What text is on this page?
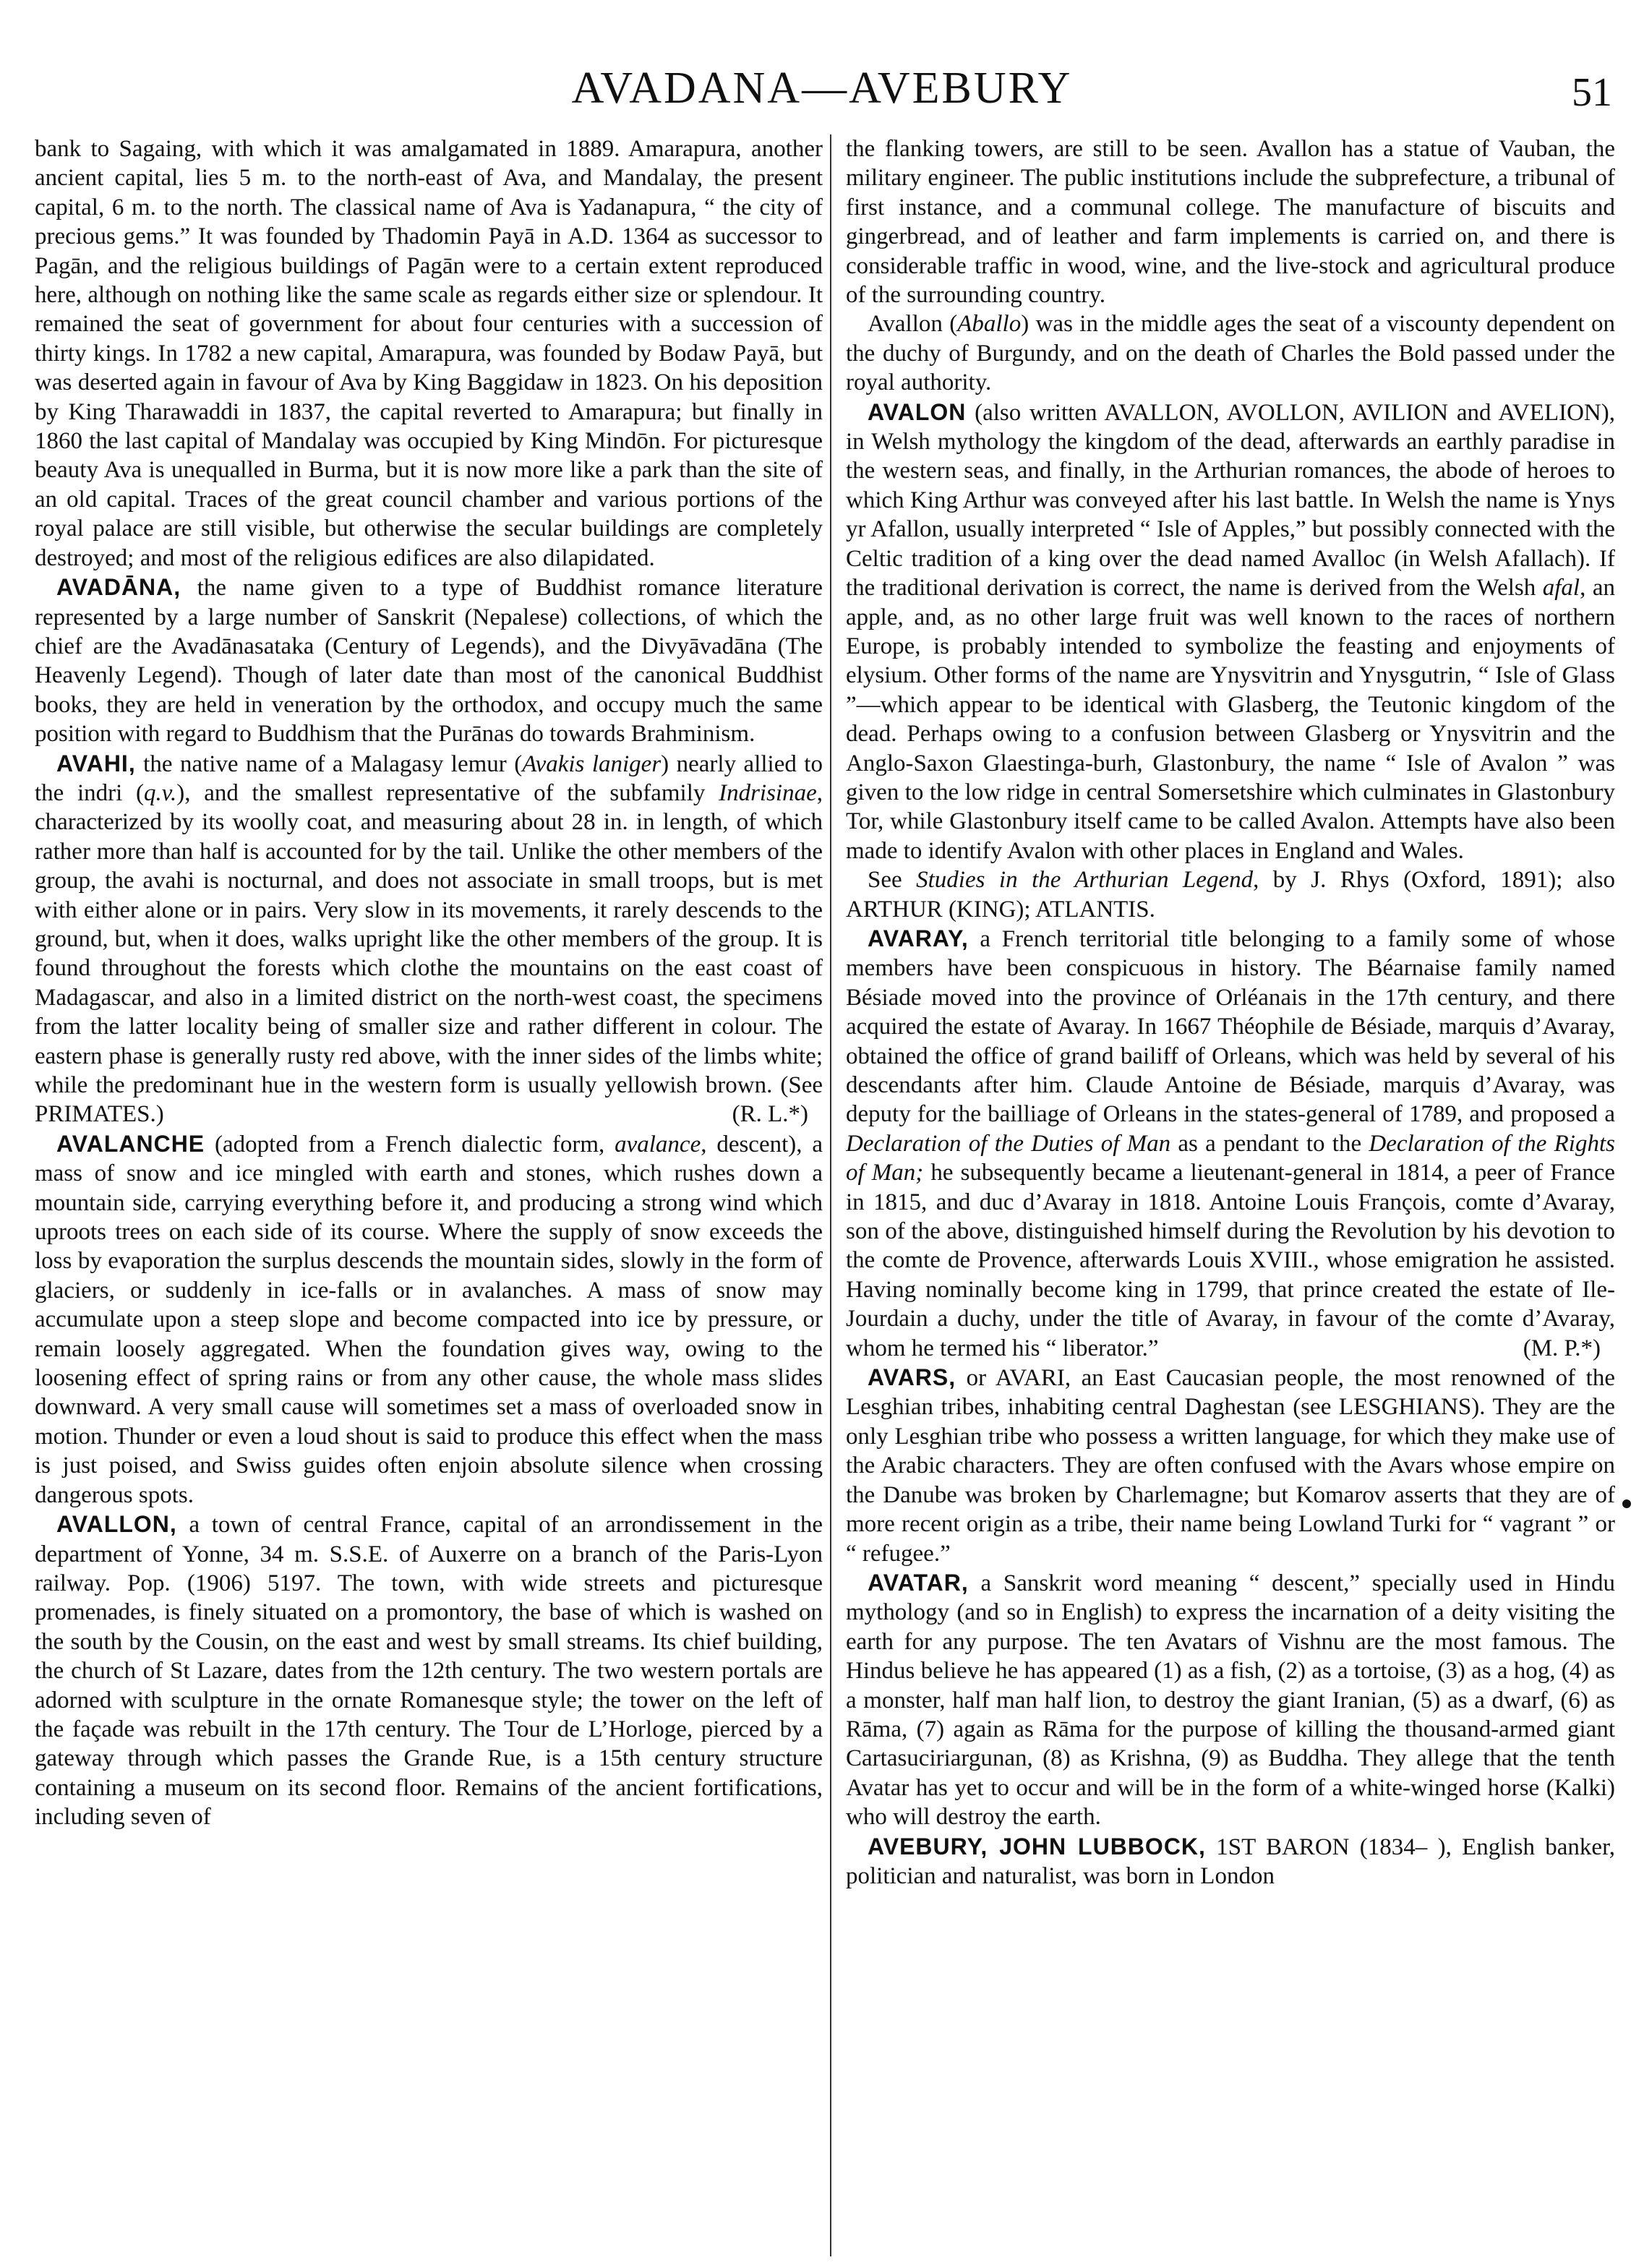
AVADANA—AVEBURY	51

bank to Sagaing, with which it was amalgamated in 1889. Amarapura, another ancient capital, lies 5 m. to the north-east of Ava, and Mandalay, the present capital, 6 m. to the north. The classical name of Ava is Yadanapura, “ the city of precious gems.” It was founded by Thadomin Payā in A.D. 1364 as successor to Pagān, and the religious buildings of Pagān were to a certain extent reproduced here, although on nothing like the same scale as regards either size or splendour. It remained the seat of government for about four centuries with a succession of thirty kings. In 1782 a new capital, Amarapura, was founded by Bodaw Payā, but was deserted again in favour of Ava by King Baggidaw in 1823. On his deposition by King Tharawaddi in 1837, the capital reverted to Amarapura; but finally in 1860 the last capital of Mandalay was occupied by King Mindōn. For picturesque beauty Ava is unequalled in Burma, but it is now more like a park than the site of an old capital. Traces of the great council chamber and various portions of the royal palace are still visible, but otherwise the secular buildings are completely destroyed; and most of the religious edifices are also dilapidated.

AVADĀNA, the name given to a type of Buddhist romance literature represented by a large number of Sanskrit (Nepalese) collections, of which the chief are the Avadānasataka (Century of Legends), and the Divyāvadāna (The Heavenly Legend). Though of later date than most of the canonical Buddhist books, they are held in veneration by the orthodox, and occupy much the same position with regard to Buddhism that the Purānas do towards Brahminism.

AVAHI, the native name of a Malagasy lemur (Avakis laniger) nearly allied to the indri (q.v.), and the smallest representative of the subfamily Indrisinae, characterized by its woolly coat, and measuring about 28 in. in length, of which rather more than half is accounted for by the tail. Unlike the other members of the group, the avahi is nocturnal, and does not associate in small troops, but is met with either alone or in pairs. Very slow in its movements, it rarely descends to the ground, but, when it does, walks upright like the other members of the group. It is found throughout the forests which clothe the mountains on the east coast of Madagascar, and also in a limited district on the north-west coast, the specimens from the latter locality being of smaller size and rather different in colour. The eastern phase is generally rusty red above, with the inner sides of the limbs white; while the predominant hue in the western form is usually yellowish brown. (See PRIMATES.)	(R. L.*)

AVALANCHE (adopted from a French dialectic form, avalance, descent), a mass of snow and ice mingled with earth and stones, which rushes down a mountain side, carrying everything before it, and producing a strong wind which uproots trees on each side of its course. Where the supply of snow exceeds the loss by evaporation the surplus descends the mountain sides, slowly in the form of glaciers, or suddenly in ice-falls or in avalanches. A mass of snow may accumulate upon a steep slope and become compacted into ice by pressure, or remain loosely aggregated. When the foundation gives way, owing to the loosening effect of spring rains or from any other cause, the whole mass slides downward. A very small cause will sometimes set a mass of overloaded snow in motion. Thunder or even a loud shout is said to produce this effect when the mass is just poised, and Swiss guides often enjoin absolute silence when crossing dangerous spots.

AVALLON, a town of central France, capital of an arrondissement in the department of Yonne, 34 m. S.S.E. of Auxerre on a branch of the Paris-Lyon railway. Pop. (1906) 5197. The town, with wide streets and picturesque promenades, is finely situated on a promontory, the base of which is washed on the south by the Cousin, on the east and west by small streams. Its chief building, the church of St Lazare, dates from the 12th century. The two western portals are adorned with sculpture in the ornate Romanesque style; the tower on the left of the façade was rebuilt in the 17th century. The Tour de L’Horloge, pierced by a gateway through which passes the Grande Rue, is a 15th century structure containing a museum on its second floor. Remains of the ancient fortifications, including seven of

the flanking towers, are still to be seen. Avallon has a statue of Vauban, the military engineer. The public institutions include the subprefecture, a tribunal of first instance, and a communal college. The manufacture of biscuits and gingerbread, and of leather and farm implements is carried on, and there is considerable traffic in wood, wine, and the live-stock and agricultural produce of the surrounding country.

Avallon (Aballo) was in the middle ages the seat of a viscounty dependent on the duchy of Burgundy, and on the death of Charles the Bold passed under the royal authority.

AVALON (also written AVALLON, AVOLLON, AVILION and AVELION), in Welsh mythology the kingdom of the dead, afterwards an earthly paradise in the western seas, and finally, in the Arthurian romances, the abode of heroes to which King Arthur was conveyed after his last battle. In Welsh the name is Ynys yr Afallon, usually interpreted “ Isle of Apples,” but possibly connected with the Celtic tradition of a king over the dead named Avalloc (in Welsh Afallach). If the traditional derivation is correct, the name is derived from the Welsh afal, an apple, and, as no other large fruit was well known to the races of northern Europe, is probably intended to symbolize the feasting and enjoyments of elysium. Other forms of the name are Ynysvitrin and Ynysgutrin, “ Isle of Glass ”—which appear to be identical with Glasberg, the Teutonic kingdom of the dead. Perhaps owing to a confusion between Glasberg or Ynysvitrin and the Anglo-Saxon Glaestinga-burh, Glastonbury, the name “ Isle of Avalon ” was given to the low ridge in central Somersetshire which culminates in Glastonbury Tor, while Glastonbury itself came to be called Avalon. Attempts have also been made to identify Avalon with other places in England and Wales.

See Studies in the Arthurian Legend, by J. Rhys (Oxford, 1891); also ARTHUR (KING); ATLANTIS.

AVARAY, a French territorial title belonging to a family some of whose members have been conspicuous in history. The Béarnaise family named Bésiade moved into the province of Orléanais in the 17th century, and there acquired the estate of Avaray. In 1667 Théophile de Bésiade, marquis d’Avaray, obtained the office of grand bailiff of Orleans, which was held by several of his descendants after him. Claude Antoine de Bésiade, marquis d’Avaray, was deputy for the bailliage of Orleans in the states-general of 1789, and proposed a Declaration of the Duties of Man as a pendant to the Declaration of the Rights of Man; he subsequently became a lieutenant-general in 1814, a peer of France in 1815, and duc d’Avaray in 1818. Antoine Louis François, comte d’Avaray, son of the above, distinguished himself during the Revolution by his devotion to the comte de Provence, afterwards Louis XVIII., whose emigration he assisted. Having nominally become king in 1799, that prince created the estate of Ile-Jourdain a duchy, under the title of Avaray, in favour of the comte d’Avaray, whom he termed his “ liberator.”	(M. P.*)

AVARS, or AVARI, an East Caucasian people, the most renowned of the Lesghian tribes, inhabiting central Daghestan (see LESGHIANS). They are the only Lesghian tribe who possess a written language, for which they make use of the Arabic characters. They are often confused with the Avars whose empire on the Danube was broken by Charlemagne; but Komarov asserts that they are of more recent origin as a tribe, their name being Lowland Turki for “ vagrant ” or “ refugee.”

AVATAR, a Sanskrit word meaning “ descent,” specially used in Hindu mythology (and so in English) to express the incarnation of a deity visiting the earth for any purpose. The ten Avatars of Vishnu are the most famous. The Hindus believe he has appeared (1) as a fish, (2) as a tortoise, (3) as a hog, (4) as a monster, half man half lion, to destroy the giant Iranian, (5) as a dwarf, (6) as Rāma, (7) again as Rāma for the purpose of killing the thousand-armed giant Cartasuciriargunan, (8) as Krishna, (9) as Buddha. They allege that the tenth Avatar has yet to occur and will be in the form of a white-winged horse (Kalki) who will destroy the earth.

AVEBURY, JOHN LUBBOCK, 1ST BARON (1834– ), English banker, politician and naturalist, was born in London
